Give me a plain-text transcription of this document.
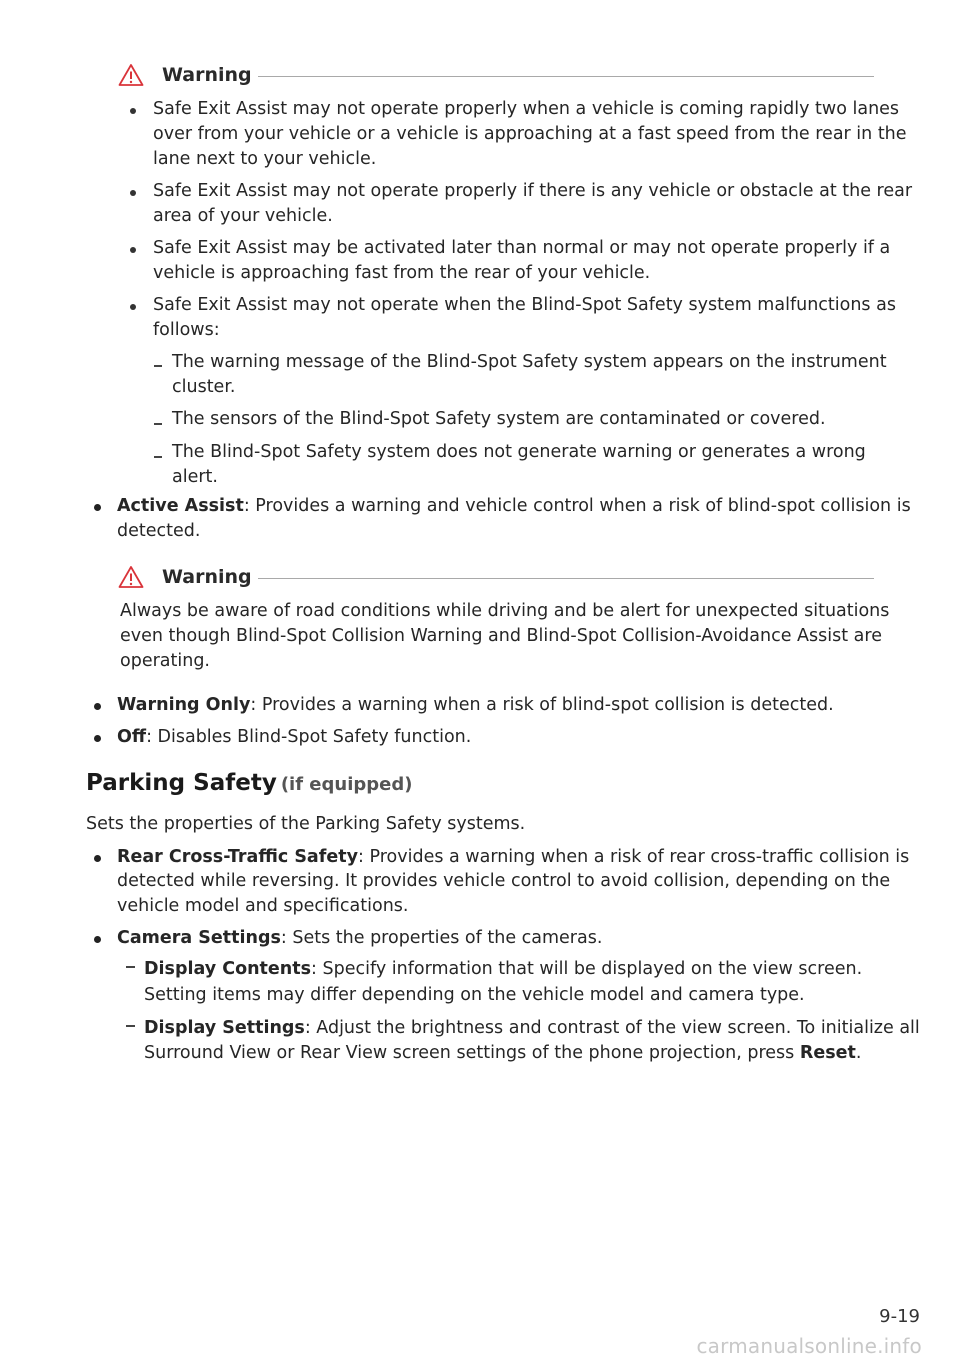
Warning
Safe Exit Assist may not operate properly when a vehicle is coming rapidly two lanes
over from your vehicle or a vehicle is approaching at a fast speed from the rear in the
lane next to your vehicle.
Safe Exit Assist may not operate properly if there is any vehicle or obstacle at the rear
area of your vehicle.
Safe Exit Assist may be activated later than normal or may not operate properly if a
vehicle is approaching fast from the rear of your vehicle.
Safe Exit Assist may not operate when the Blind-Spot Safety system malfunctions as
follows:
The warning message of the Blind-Spot Safety system appears on the instrument
cluster.
The sensors of the Blind-Spot Safety system are contaminated or covered.
The Blind-Spot Safety system does not generate warning or generates a wrong
alert.
Active Assist: Provides a warning and vehicle control when a risk of blind-spot collision is
detected.
Warning
Always be aware of road conditions while driving and be alert for unexpected situations
even though Blind-Spot Collision Warning and Blind-Spot Collision-Avoidance Assist are
operating.
Warning Only: Provides a warning when a risk of blind-spot collision is detected.
Off: Disables Blind-Spot Safety function.
Parking Safety (if equipped)
Sets the properties of the Parking Safety systems.
Rear Cross-Traffic Safety: Provides a warning when a risk of rear cross-traffic collision is
detected while reversing. It provides vehicle control to avoid collision, depending on the
vehicle model and specifications.
Camera Settings: Sets the properties of the cameras.
Display Contents: Specify information that will be displayed on the view screen.
Setting items may differ depending on the vehicle model and camera type.
Display Settings: Adjust the brightness and contrast of the view screen. To initialize all
Surround View or Rear View screen settings of the phone projection, press Reset.
9-19
carmanualsonline.info
